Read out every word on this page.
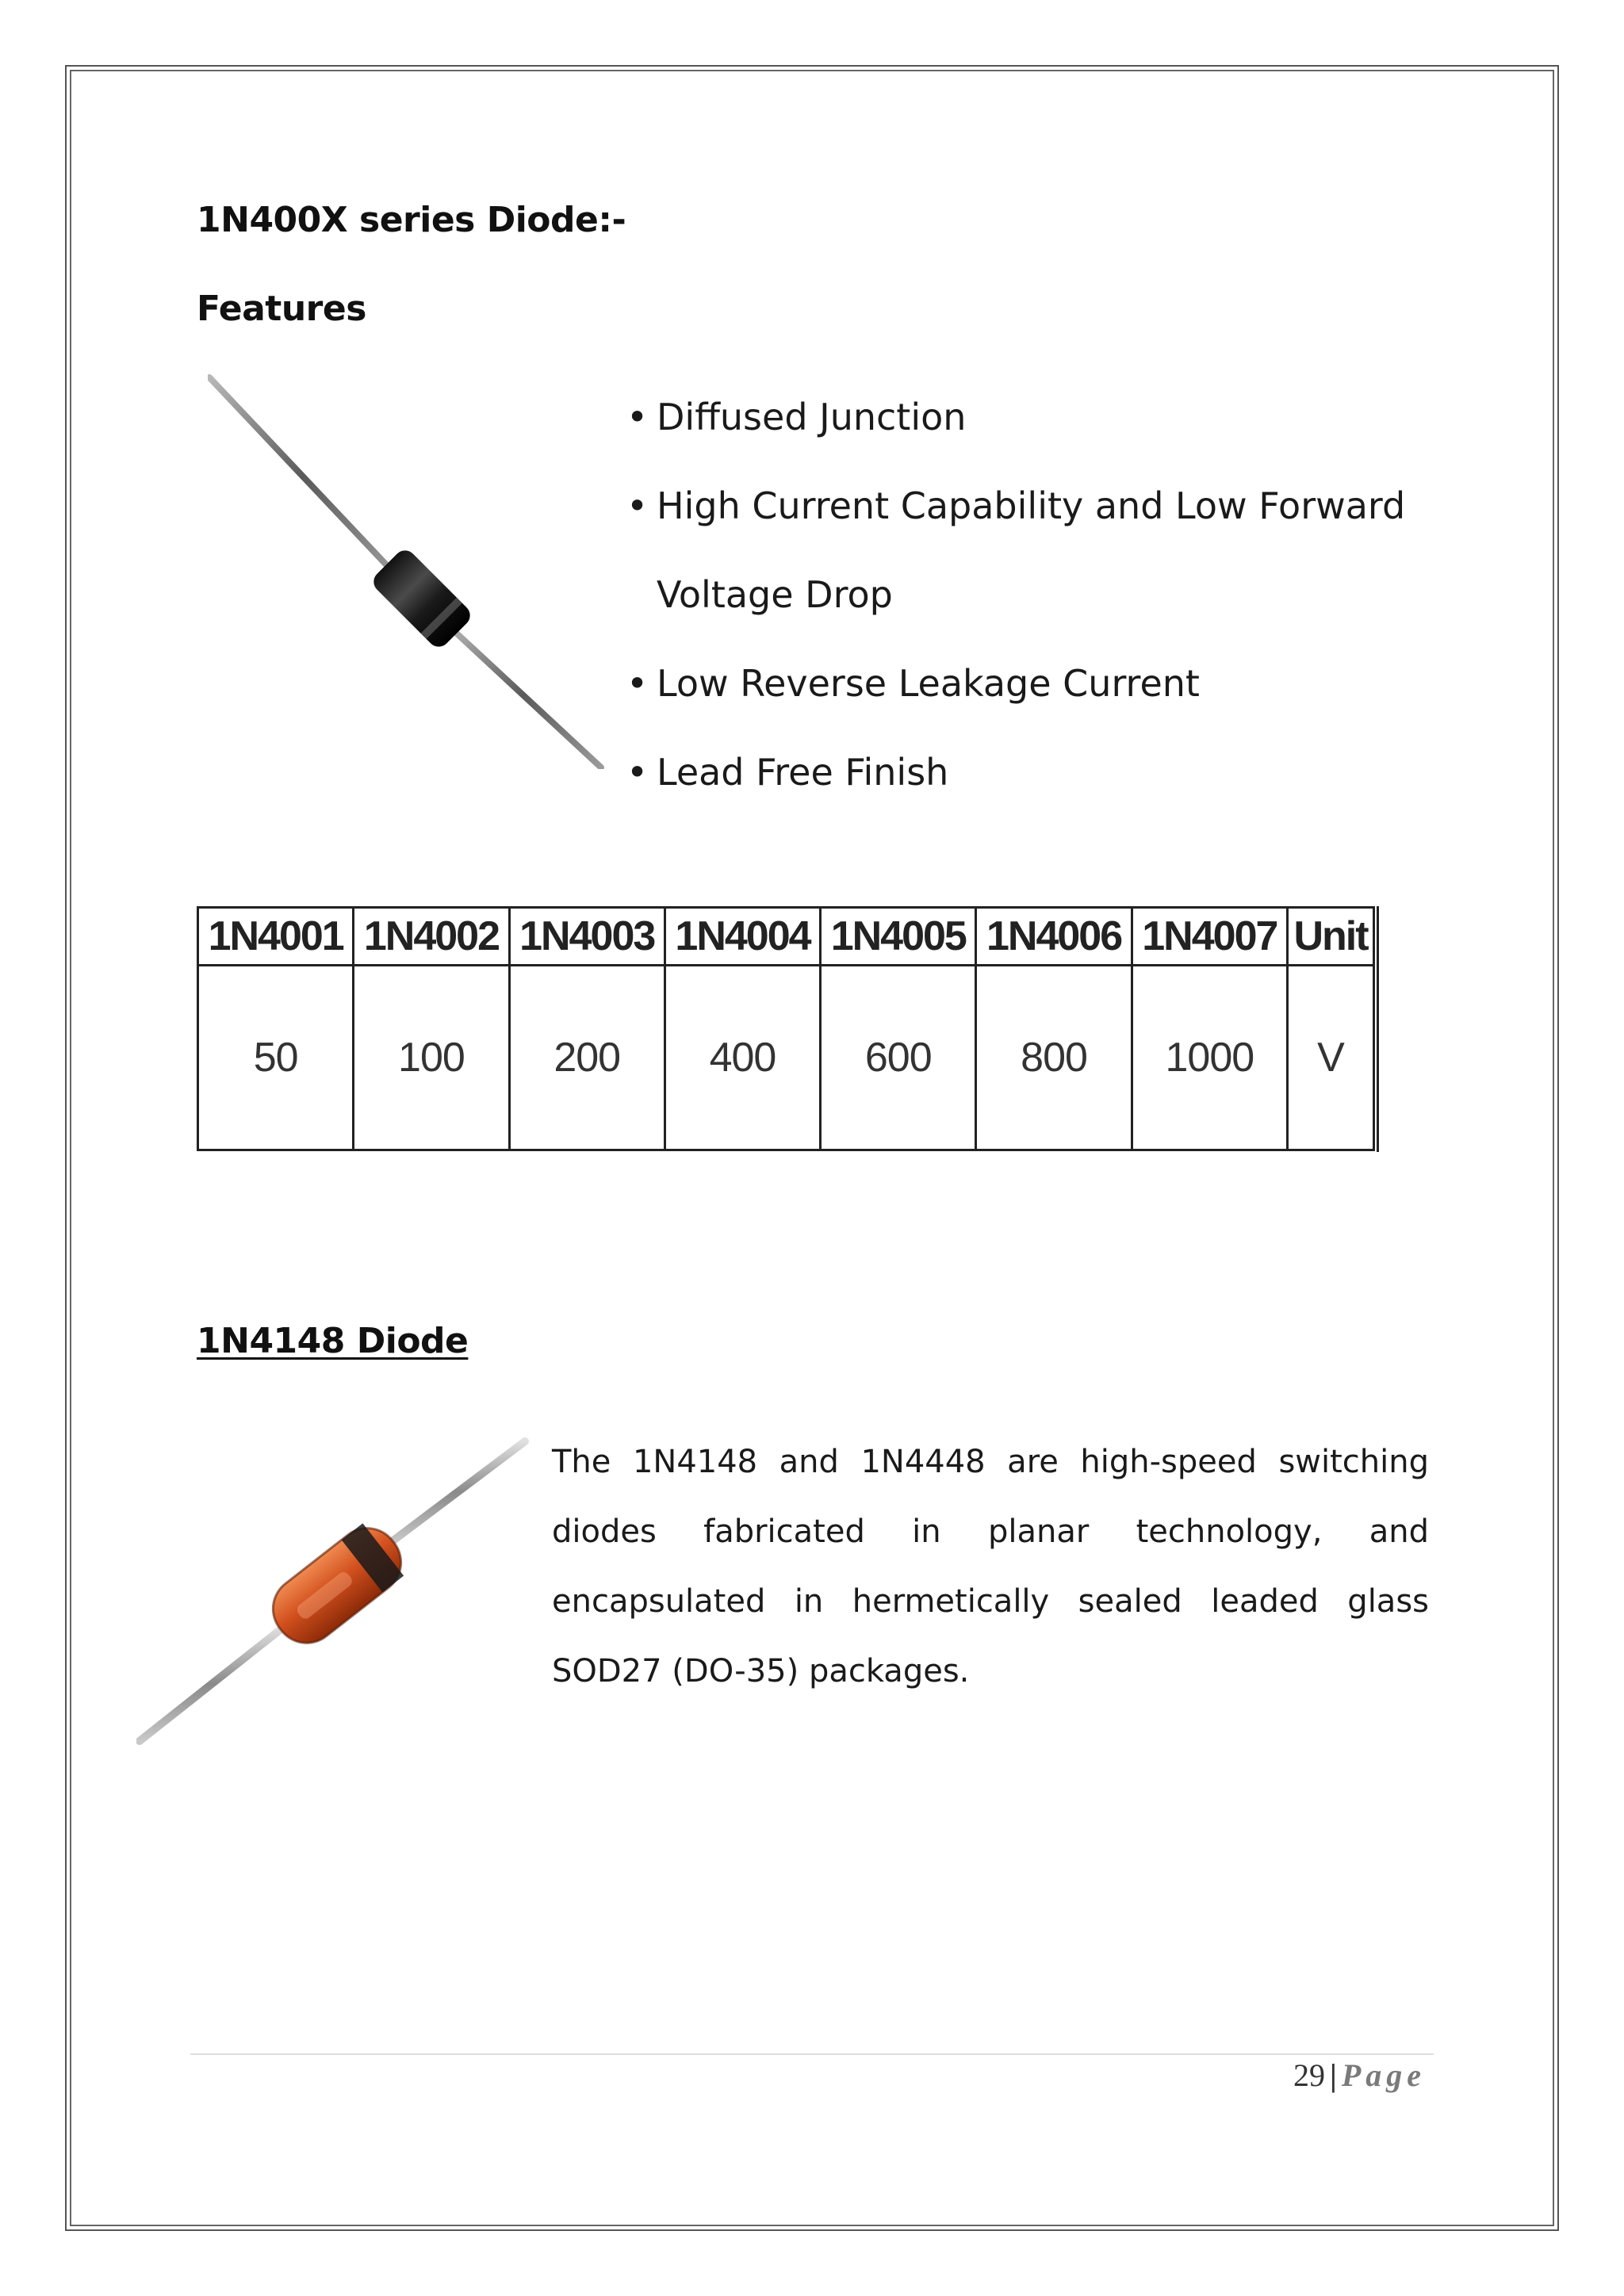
1N400X series Diode:-
Features
• Diffused Junction
• High Current Capability and Low Forward Voltage Drop
• Low Reverse Leakage Current
• Lead Free Finish
1N4001	1N4002	1N4003	1N4004	1N4005	1N4006	1N4007	Unit
50	100	200	400	600	800	1000	V
1N4148 Diode

The 1N4148 and 1N4448 are high-speed switching diodes fabricated in planar technology, and encapsulated in hermetically sealed leaded glass SOD27 (DO-35) packages.

29 | Page
